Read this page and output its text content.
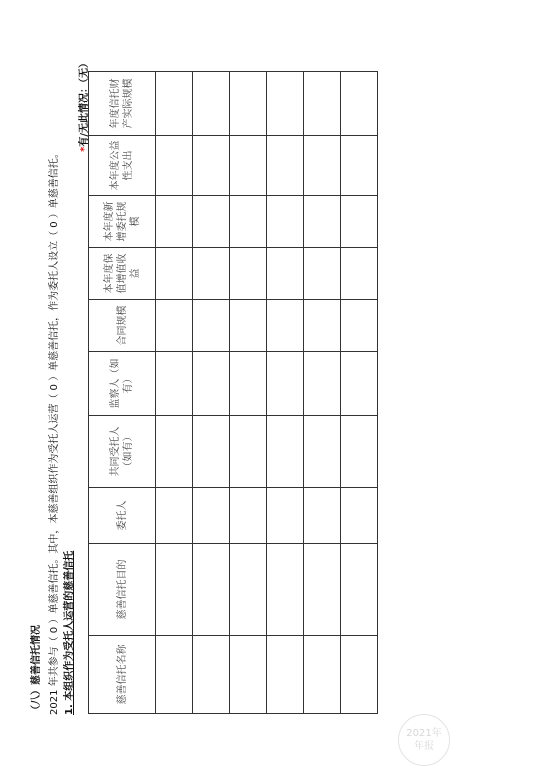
（八）慈善信托情况 2021 年共参与（ 0 ）单慈善信托。其中，本慈善组织作为受托人运营（ 0 ）单慈善信托，作为委托人设立（ 0 ）单慈善信托。 1. 本组织作为受托人运营的慈善信托
*有/无此情况：（无）
慈善信托名称	慈善信托目的	委托人	共同受托人（如有）	监察人（如有）	合同规模	本年度保值增值收益	本年度新增委托规模	本年度公益性支出	年度信托财产实际规模

2021年
年报
